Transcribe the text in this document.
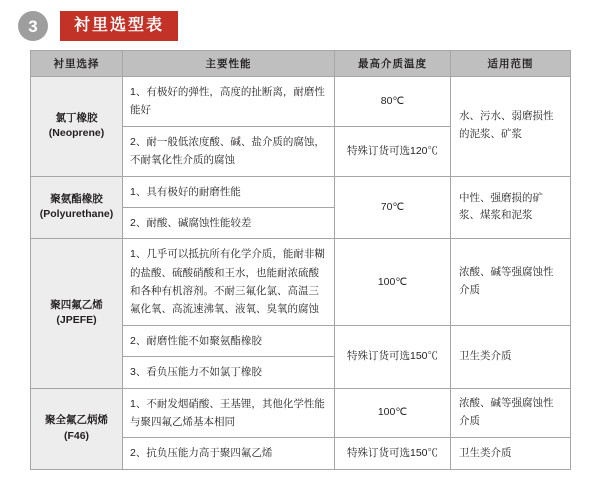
3	衬里选型表
衬里选择	主要性能	最高介质温度	适用范围

氯丁橡胶
(Neoprene)	1、有极好的弹性，高度的扯断离，耐磨性能好	80℃	水、污水、弱磨损性的泥浆、矿浆
	2、耐一般低浓度酸、碱、盐介质的腐蚀，不耐氧化性介质的腐蚀	特殊订货可选120℃	

聚氨酯橡胶
(Polyurethane)	1、具有极好的耐磨性能	70℃	中性、强磨损的矿浆、煤浆和泥浆
	2、耐酸、碱腐蚀性能较差		

聚四氟乙烯
(JPEFE)	1、几乎可以抵抗所有化学介质，能耐非糊的盐酸、硫酸硝酸和王水，也能耐浓硫酸和各种有机溶剂。不耐三氟化氯、高温三氟化氧、高流速沸氧、液氧、臭氧的腐蚀	100℃	浓酸、碱等强腐蚀性介质
	2、耐磨性能不如聚氨酯橡胶	特殊订货可选150℃	卫生类介质
	3、看负压能力不如氯丁橡胶		

聚全氟乙炳烯
(F46)	1、不耐发烟硝酸、王基锂，其他化学性能与聚四氟乙烯基本相同	100℃	浓酸、碱等强腐蚀性介质
	2、抗负压能力高于聚四氟乙烯	特殊订货可选150℃	卫生类介质
